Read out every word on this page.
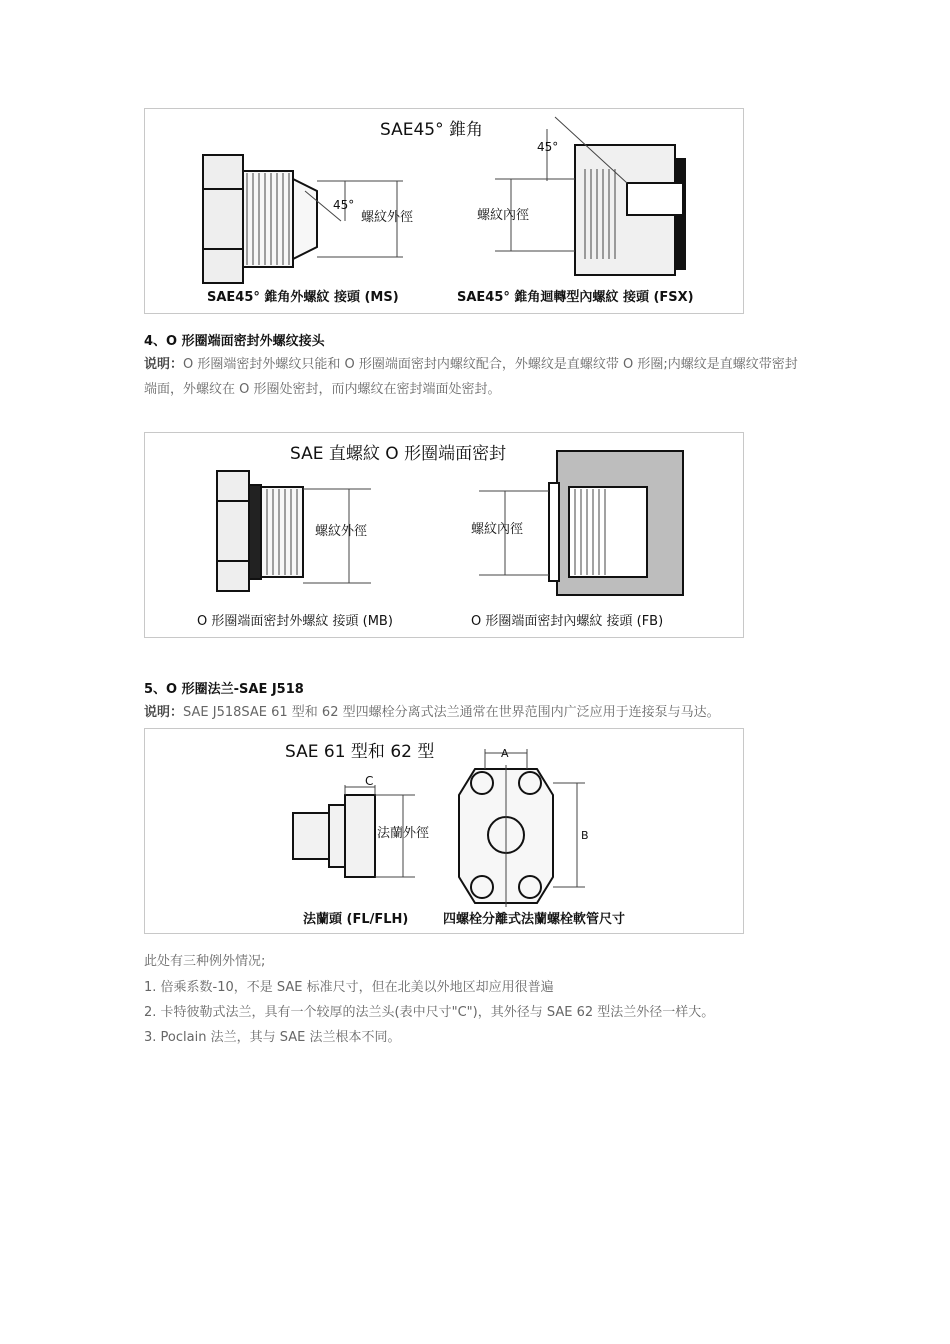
SAE45° 錐角
45°
螺紋外徑
SAE45° 錐角外螺紋 接頭 (MS)
45°
螺紋內徑
SAE45° 錐角迴轉型內螺紋 接頭 (FSX)
4、O 形圈端面密封外螺纹接头
说明：O 形圈端密封外螺纹只能和 O 形圈端面密封内螺纹配合，外螺纹是直螺纹带 O 形圈;内螺纹是直螺纹带密封端面，外螺纹在 O 形圈处密封，而内螺纹在密封端面处密封。
SAE 直螺紋 O 形圈端面密封
螺紋外徑
O 形圈端面密封外螺紋 接頭 (MB)
螺紋內徑
O 形圈端面密封內螺紋 接頭 (FB)
5、O 形圈法兰-SAE J518
说明：SAE J518SAE 61 型和 62 型四螺栓分离式法兰通常在世界范围内广泛应用于连接泵与马达。
SAE 61 型和 62 型
C
法蘭外徑
法蘭頭 (FL/FLH)
A
B
四螺栓分離式法蘭螺栓軟管尺寸
此处有三种例外情况;
1. 倍乘系数-10，不是 SAE 标准尺寸，但在北美以外地区却应用很普遍
2. 卡特彼勒式法兰，具有一个较厚的法兰头(表中尺寸"C")，其外径与 SAE 62 型法兰外径一样大。
3. Poclain 法兰，其与 SAE 法兰根本不同。
